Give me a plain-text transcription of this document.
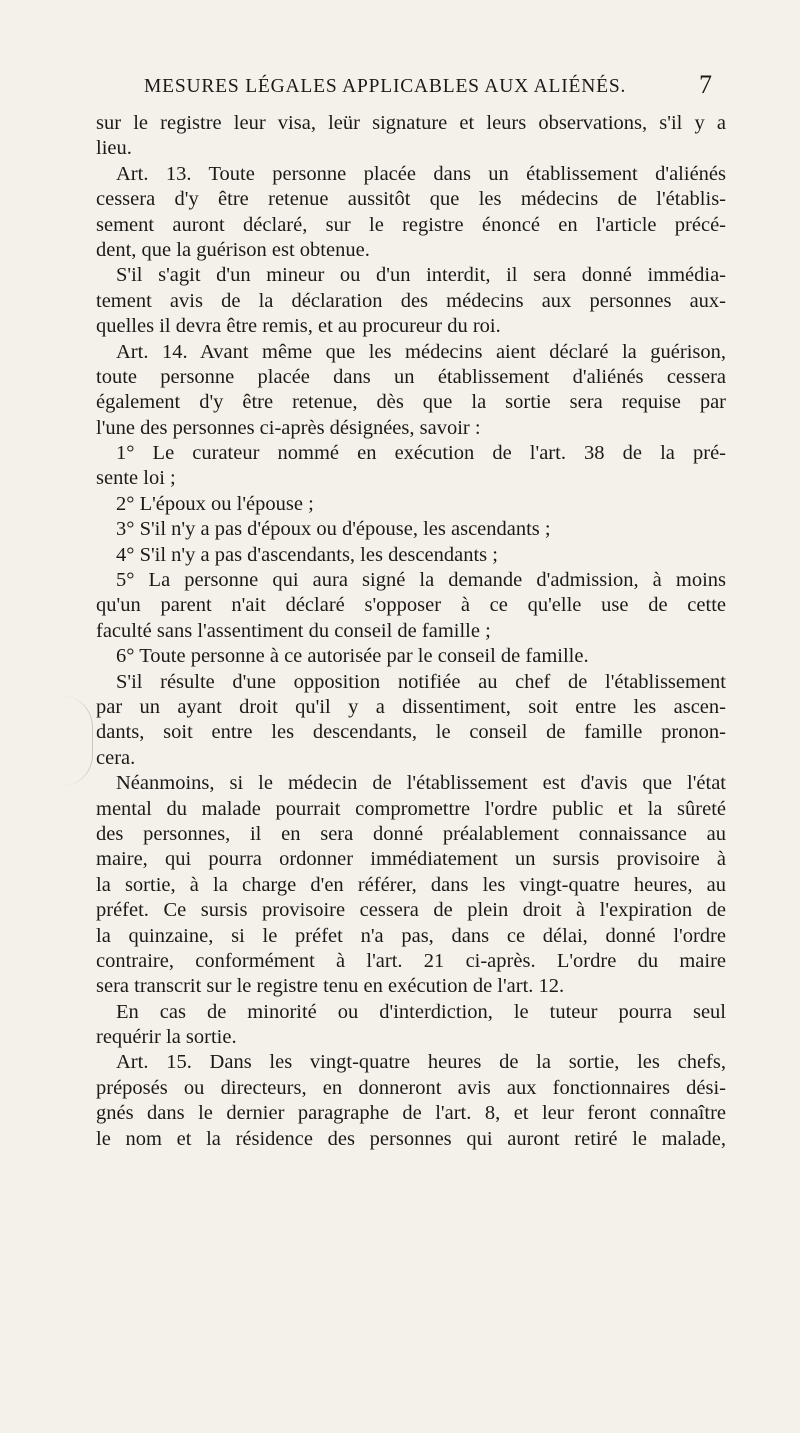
MESURES LÉGALES APPLICABLES AUX ALIÉNÉS.	7
sur le registre leur visa, leür signature et leurs observations, s'il y a
lieu.
Art. 13. Toute personne placée dans un établissement d'aliénés
cessera d'y être retenue aussitôt que les médecins de l'établis-
sement auront déclaré, sur le registre énoncé en l'article précé-
dent, que la guérison est obtenue.
S'il s'agit d'un mineur ou d'un interdit, il sera donné immédia-
tement avis de la déclaration des médecins aux personnes aux-
quelles il devra être remis, et au procureur du roi.
Art. 14. Avant même que les médecins aient déclaré la guérison,
toute personne placée dans un établissement d'aliénés cessera
également d'y être retenue, dès que la sortie sera requise par
l'une des personnes ci-après désignées, savoir :
1° Le curateur nommé en exécution de l'art. 38 de la pré-
sente loi ;
2° L'époux ou l'épouse ;
3° S'il n'y a pas d'époux ou d'épouse, les ascendants ;
4° S'il n'y a pas d'ascendants, les descendants ;
5° La personne qui aura signé la demande d'admission, à moins
qu'un parent n'ait déclaré s'opposer à ce qu'elle use de cette
faculté sans l'assentiment du conseil de famille ;
6° Toute personne à ce autorisée par le conseil de famille.
S'il résulte d'une opposition notifiée au chef de l'établissement
par un ayant droit qu'il y a dissentiment, soit entre les ascen-
dants, soit entre les descendants, le conseil de famille pronon-
cera.
Néanmoins, si le médecin de l'établissement est d'avis que l'état
mental du malade pourrait compromettre l'ordre public et la sûreté
des personnes, il en sera donné préalablement connaissance au
maire, qui pourra ordonner immédiatement un sursis provisoire à
la sortie, à la charge d'en référer, dans les vingt-quatre heures, au
préfet. Ce sursis provisoire cessera de plein droit à l'expiration de
la quinzaine, si le préfet n'a pas, dans ce délai, donné l'ordre
contraire, conformément à l'art. 21 ci-après. L'ordre du maire
sera transcrit sur le registre tenu en exécution de l'art. 12.
En cas de minorité ou d'interdiction, le tuteur pourra seul
requérir la sortie.
Art. 15. Dans les vingt-quatre heures de la sortie, les chefs,
préposés ou directeurs, en donneront avis aux fonctionnaires dési-
gnés dans le dernier paragraphe de l'art. 8, et leur feront connaître
le nom et la résidence des personnes qui auront retiré le malade,
